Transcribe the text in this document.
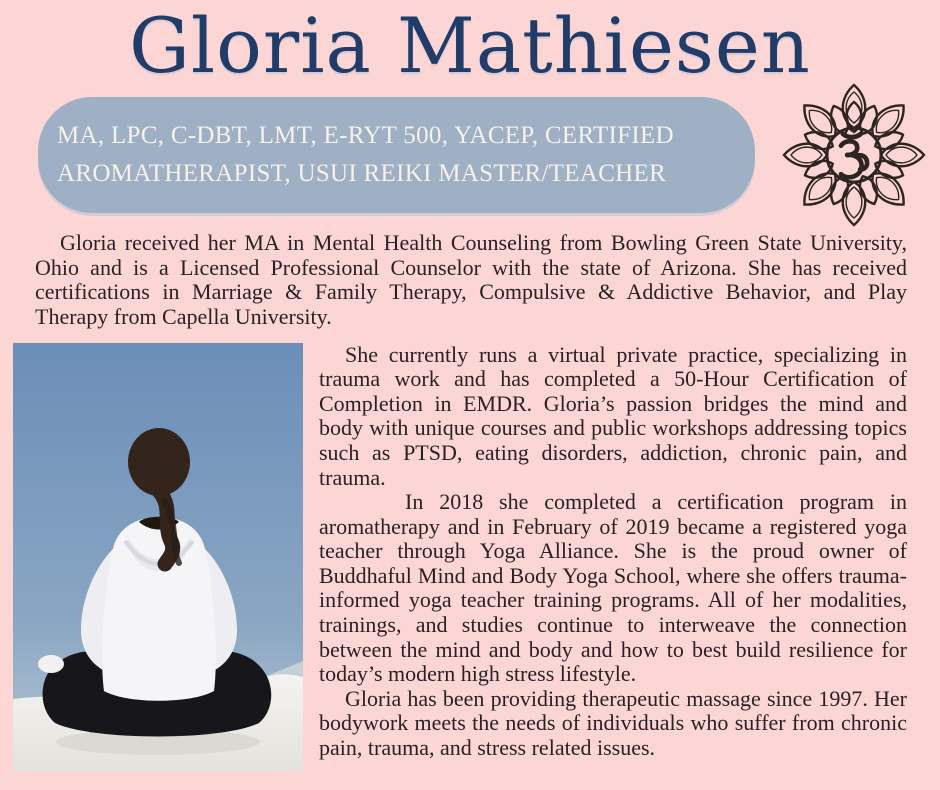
Gloria Mathiesen
MA, LPC, C-DBT, LMT, E-RYT 500, YACEP, CERTIFIED AROMATHERAPIST, USUI REIKI MASTER/TEACHER

Gloria received her MA in Mental Health Counseling from Bowling Green State University, Ohio and is a Licensed Professional Counselor with the state of Arizona. She has received certifications in Marriage & Family Therapy, Compulsive & Addictive Behavior, and Play Therapy from Capella University.

She currently runs a virtual private practice, specializing in trauma work and has completed a 50-Hour Certification of Completion in EMDR. Gloria’s passion bridges the mind and body with unique courses and public workshops addressing topics such as PTSD, eating disorders, addiction, chronic pain, and trauma.

In 2018 she completed a certification program in aromatherapy and in February of 2019 became a registered yoga teacher through Yoga Alliance. She is the proud owner of Buddhaful Mind and Body Yoga School, where she offers trauma-informed yoga teacher training programs. All of her modalities, trainings, and studies continue to interweave the connection between the mind and body and how to best build resilience for today’s modern high stress lifestyle.

Gloria has been providing therapeutic massage since 1997. Her bodywork meets the needs of individuals who suffer from chronic pain, trauma, and stress related issues.
